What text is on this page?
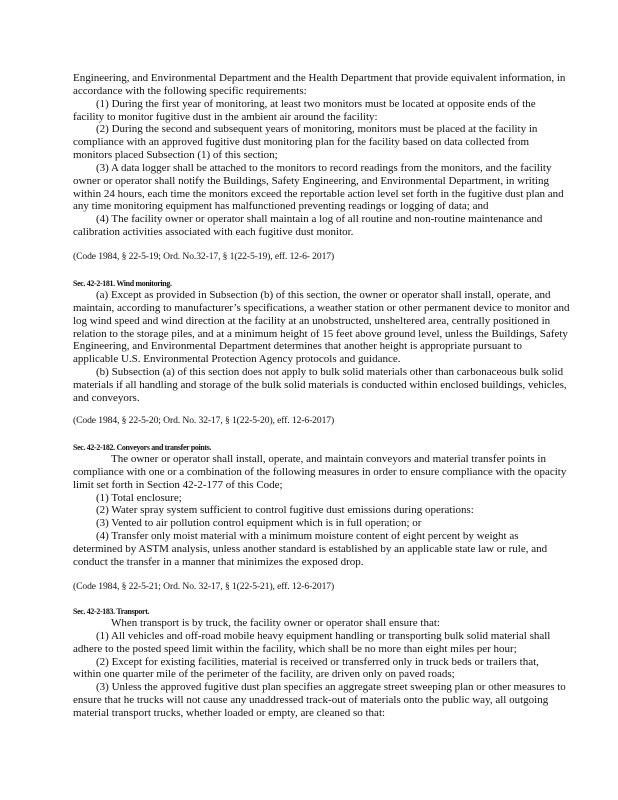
Engineering, and Environmental Department and the Health Department that provide equivalent information, in
accordance with the following specific requirements:
(1) During the first year of monitoring, at least two monitors must be located at opposite ends of the
facility to monitor fugitive dust in the ambient air around the facility:
(2) During the second and subsequent years of monitoring, monitors must be placed at the facility in
compliance with an approved fugitive dust monitoring plan for the facility based on data collected from
monitors placed Subsection (1) of this section;
(3) A data logger shall be attached to the monitors to record readings from the monitors, and the facility
owner or operator shall notify the Buildings, Safety Engineering, and Environmental Department, in writing
within 24 hours, each time the monitors exceed the reportable action level set forth in the fugitive dust plan and
any time monitoring equipment has malfunctioned preventing readings or logging of data; and
(4) The facility owner or operator shall maintain a log of all routine and non-routine maintenance and
calibration activities associated with each fugitive dust monitor.
(Code 1984, § 22-5-19; Ord. No.32-17, § 1(22-5-19), eff. 12-6- 2017)
Sec. 42-2-181. Wind monitoring.
(a) Except as provided in Subsection (b) of this section, the owner or operator shall install, operate, and
maintain, according to manufacturer’s specifications, a weather station or other permanent device to monitor and
log wind speed and wind direction at the facility at an unobstructed, unsheltered area, centrally positioned in
relation to the storage piles, and at a minimum height of 15 feet above ground level, unless the Buildings, Safety
Engineering, and Environmental Department determines that another height is appropriate pursuant to
applicable U.S. Environmental Protection Agency protocols and guidance.
(b) Subsection (a) of this section does not apply to bulk solid materials other than carbonaceous bulk solid
materials if all handling and storage of the bulk solid materials is conducted within enclosed buildings, vehicles,
and conveyors.
(Code 1984, § 22-5-20; Ord. No. 32-17, § 1(22-5-20), eff. 12-6-2017)
Sec. 42-2-182. Conveyors and transfer points.
The owner or operator shall install, operate, and maintain conveyors and material transfer points in
compliance with one or a combination of the following measures in order to ensure compliance with the opacity
limit set forth in Section 42-2-177 of this Code;
(1) Total enclosure;
(2) Water spray system sufficient to control fugitive dust emissions during operations:
(3) Vented to air pollution control equipment which is in full operation; or
(4) Transfer only moist material with a minimum moisture content of eight percent by weight as
determined by ASTM analysis, unless another standard is established by an applicable state law or rule, and
conduct the transfer in a manner that minimizes the exposed drop.
(Code 1984, § 22-5-21; Ord. No. 32-17, § 1(22-5-21), eff. 12-6-2017)
Sec. 42-2-183. Transport.
When transport is by truck, the facility owner or operator shall ensure that:
(1) All vehicles and off-road mobile heavy equipment handling or transporting bulk solid material shall
adhere to the posted speed limit within the facility, which shall be no more than eight miles per hour;
(2) Except for existing facilities, material is received or transferred only in truck beds or trailers that,
within one quarter mile of the perimeter of the facility, are driven only on paved roads;
(3) Unless the approved fugitive dust plan specifies an aggregate street sweeping plan or other measures to
ensure that he trucks will not cause any unaddressed track-out of materials onto the public way, all outgoing
material transport trucks, whether loaded or empty, are cleaned so that:
